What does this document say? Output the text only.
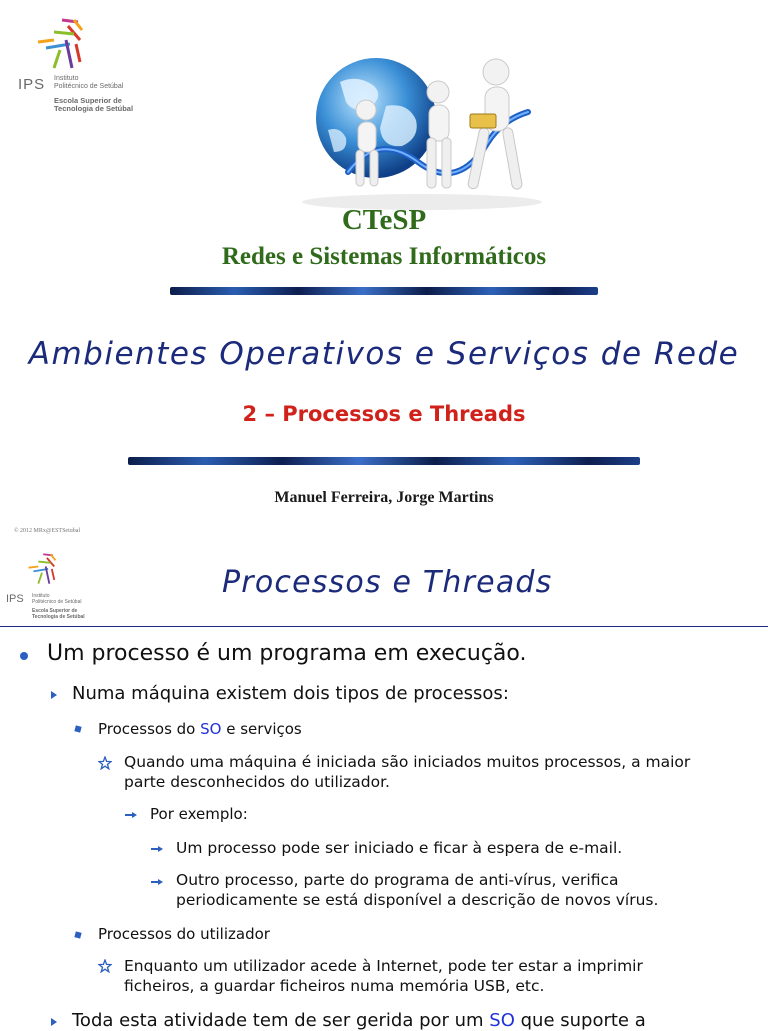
IPS Instituto
Politécnico de Setúbal
Escola Superior de
Tecnologia de Setúbal
CTeSP
Redes e Sistemas Informáticos
Ambientes Operativos e Serviços de Rede
2 – Processos e Threads
Manuel Ferreira, Jorge Martins
© 2012 MRx@ESTSetubal
IPS Instituto
Politécnico de Setúbal
Escola Superior de
Tecnologia de Setúbal
Processos e Threads
Um processo é um programa em execução.
Numa máquina existem dois tipos de processos:
Processos do SO e serviços
Quando uma máquina é iniciada são iniciados muitos processos, a maior
parte desconhecidos do utilizador.
Por exemplo:
Um processo pode ser iniciado e ficar à espera de e-mail.
Outro processo, parte do programa de anti-vírus, verifica
periodicamente se está disponível a descrição de novos vírus.
Processos do utilizador
Enquanto um utilizador acede à Internet, pode ter estar a imprimir
ficheiros, a guardar ficheiros numa memória USB, etc.
Toda esta atividade tem de ser gerida por um SO que suporte a
